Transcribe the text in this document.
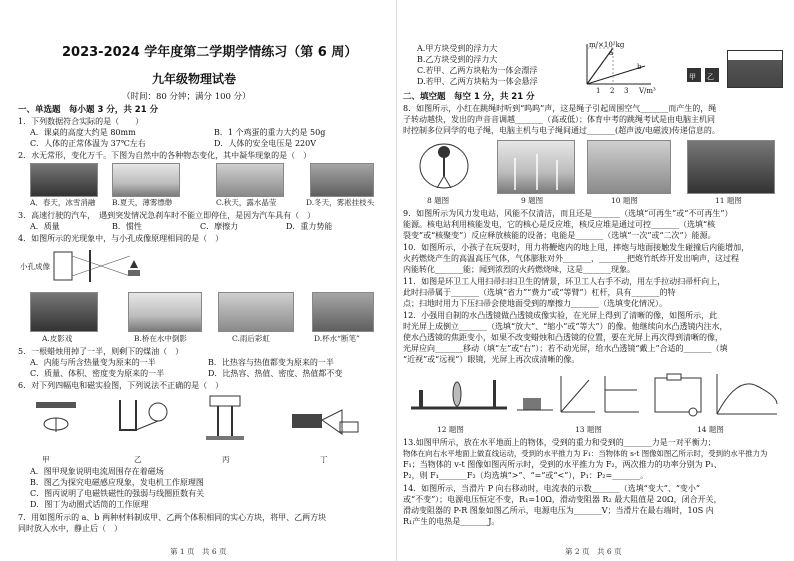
2023-2024 学年度第二学期学情练习（第 6 周）
九年级物理试卷
（时间：80 分钟；满分 100 分）
一、单选题　每小题 3 分，共 21 分
1．下列数据符合实际的是（　　）
A．课桌的高度大约是 80mm	B．1 个鸡蛋的重力大约是 50g
C．人体的正常体温为 37℃左右	D．人体的安全电压是 220V
2．水无常形，变化万千。下图为自然中的各种物态变化，其中凝华现象的是（　）
A．春天，冰雪消融 B.夏天，薄雾缥缈	C.秋天，露水晶莹	D.冬天，雾凇挂枝头
3．高速行驶的汽车，　遇到突发情况急刹车时不能立即停住，是因为汽车具有（　）
A．质量	B．惯性	C．摩擦力	D．重力势能
4．如图所示的光现象中，与小孔成像原理相同的是（　）
小孔成像
A.皮影戏	B.桥在水中倒影	C.雨后彩虹	D.杯水“断笔”
5．一根蜡烛用掉了一半，则剩下的煤油（　）
A．内能与所含热量变为原来的一半	B．比热容与热值都变为原来的一半
C．质量、体积、密度变为原来的一半	D．比热容、热值、密度、热值都不变
6．对下列四幅电和磁实验图，下列说法不正确的是（　）
甲	乙	丙	丁
A．图甲现象说明电流周围存在着磁场
B．图乙为探究电磁感应现象，发电机工作原理图
C．图丙说明了电磁铁磁性的强弱与线圈匝数有关
D．图丁为动圈式话筒的工作原理
7．用如图所示的 a、b 两种材料制成甲、乙两个体积相同的实心方块，将甲、乙两方块
同时放入水中，静止后（　）
第 1 页　共 6 页
A.甲方块受到的浮力大
B.乙方块受到的浮力大
C.若甲、乙两方块粘为一体会漂浮
D.若甲、乙两方块粘为一体会悬浮
m/×10²kg
V/m³
a
b
1 2 3
甲 乙
二、填空题　每空 1 分，共 21 分
8．如图所示，小红在跳绳时听到“呜呜”声，这是绳子引起周围空气_______而产生的，绳
子转动越快，发出的声音音调越_______（高或低）；体育中考的跳绳考试是由电脑主机同
时控制多位同学的电子绳，电脑主机与电子绳间通过_______(超声波/电磁波)传递信息的。
8 题图	9 题图	10 题图	11 题图
9．如图所示为风力发电站，风能不仅清洁，而且还是_______（选填“可再生”或“不可再生”）
能源。核电站利用核能发电，它的核心是反应堆，核反应堆是通过可控_______（选填“核
裂变”或“核聚变”）反应释放核能的设备；电能是_______（选填“一次”或“二次”）能源。
10．如图所示，小孩子在玩耍时，用力将鞭炮内的地上甩，摔炮与地面接触发生碰撞后内能增加，
火药燃烧产生的高温高压气体，气体膨胀对外_______，_______把炮竹纸炸开发出响声，这过程
内能转化_______能；闻到浓烈的火药燃烧味，这是_______现象。
11．如图是环卫工人用扫帚扫扫卫生的情景，环卫工人右手不动，用左手拉动扫帚杆向上，
此时扫帚属于_______（选填“省力”“费力”或“等臂”）杠杆，具有_______的特
点；扫地时用力下压扫帚会使地面受到的摩擦力_______（选填变化情况）。
12．小强用自制的水凸透镜做凸透镜成像实验，在光屏上得到了清晰的像，如图所示，此
时光屏上成倒立_______（选填“放大”、“缩小”或“等大”）的像。他继续向水凸透镜内注水，
使水凸透镜的焦距变小，如果不改变蜡烛和凸透镜的位置，要在光屏上再次得到清晰的像，
光屏应向_______移动（填“左”或“右”）；若不动光屏，给水凸透镜“戴上”合适的_______（填
“近视”或“远视”）眼镜，光屏上再次成清晰的像。
12 题图	13 题图	14 题图
13.如图甲所示，放在水平地面上的物体，受到的重力和受到的_______力是一对平衡力；
物体在向右水平地面上做直线运动，受到的水平推力为 F₁：当物体的 s-t 图像如图乙所示时，受到的水平推力为
F₁；当物体的 v-t 图像如图丙所示时，受到的水平推力为 F₂，两次推力的功率分别为 P₁、
P₂，则 F₁_______F₂（均选填“>”、“=”或“<”），P₁：P₂=_______。
14．如图所示，当滑片 P 向右移动时，电流表的示数_______（选填“变大”、“变小”
或“不变”）；电源电压恒定不变，R₁=10Ω，滑动变阻器 R₂ 最大阻值是 20Ω，闭合开关，
滑动变阻器的 P-R 图象如图乙所示，电源电压为_______V；当滑片在最右端时，10S 内
R₁产生的电热是_______J。
第 2 页　共 6 页
